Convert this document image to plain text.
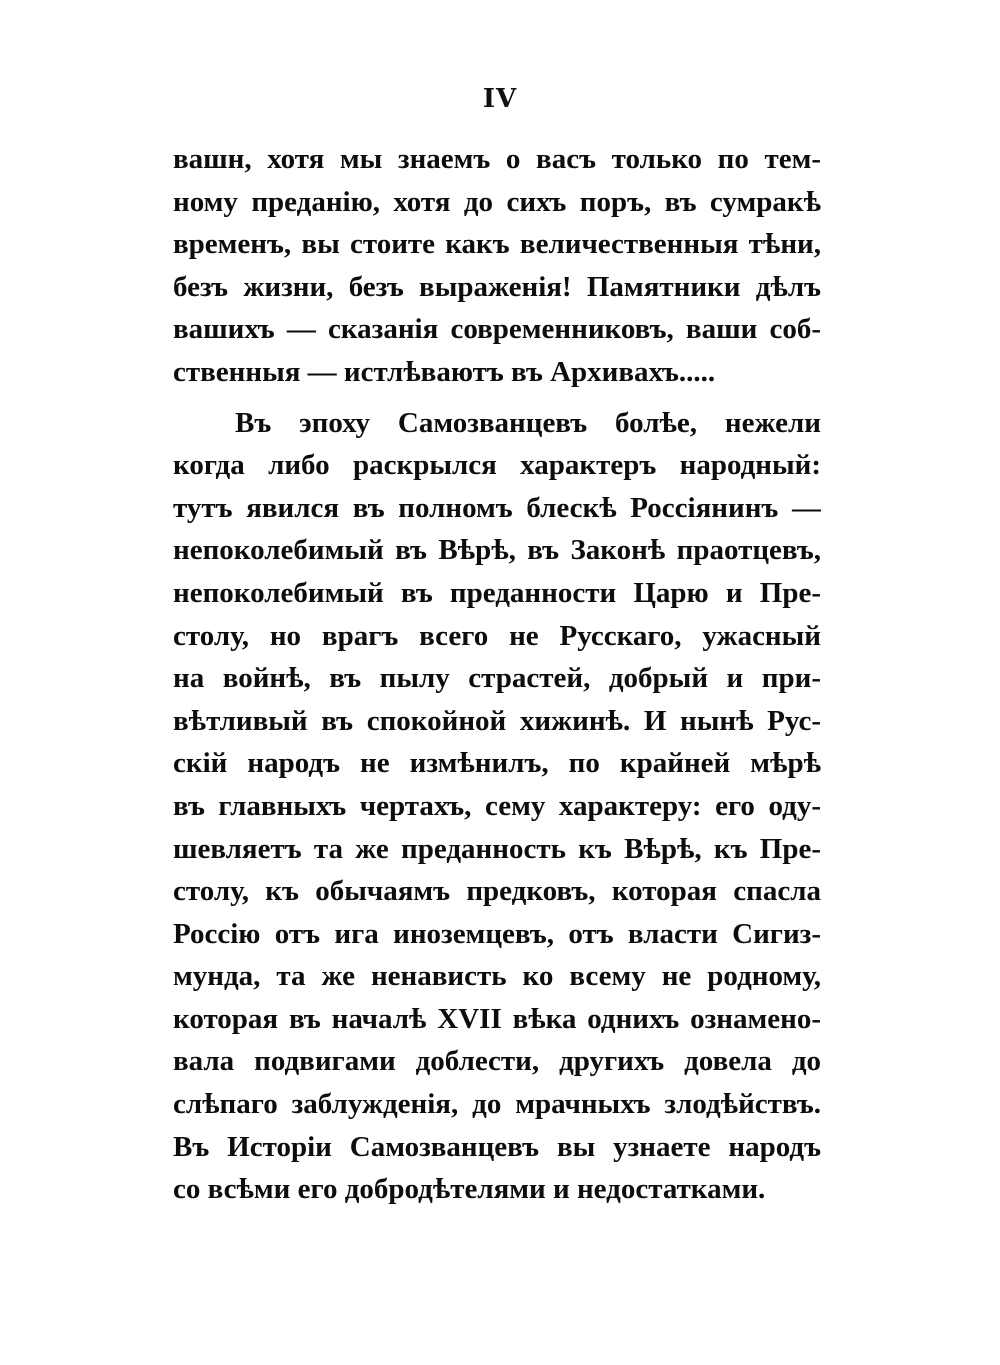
IV
вашн, хотя мы знаемъ о васъ только по тем-
ному преданію, хотя до сихъ поръ, въ сумракѣ
временъ, вы стоите какъ величественныя тѣни,
безъ жизни, безъ выраженія! Памятники дѣлъ
вашихъ — сказанія современниковъ, ваши соб-
ственныя — истлѣваютъ въ Архивахъ.....
Въ эпоху Самозванцевъ болѣе, нежели
когда либо раскрылся характеръ народный:
тутъ явился въ полномъ блескѣ Россіянинъ —
непоколебимый въ Вѣрѣ, въ Законѣ праотцевъ,
непоколебимый въ преданности Царю и Пре-
столу, но врагъ всего не Русскаго, ужасный
на войнѣ, въ пылу страстей, добрый и при-
вѣтливый въ спокойной хижинѣ. И нынѣ Рус-
скій народъ не измѣнилъ, по крайней мѣрѣ
въ главныхъ чертахъ, сему характеру: его оду-
шевляетъ та же преданность къ Вѣрѣ, къ Пре-
столу, къ обычаямъ предковъ, которая спасла
Россію отъ ига иноземцевъ, отъ власти Сигиз-
мунда, та же ненависть ко всему не родному,
которая въ началѣ XVII вѣка однихъ ознамено-
вала подвигами доблести, другихъ довела до
слѣпаго заблужденія, до мрачныхъ злодѣйствъ.
Въ Исторіи Самозванцевъ вы узнаете народъ
со всѣми его добродѣтелями и недостатками.
